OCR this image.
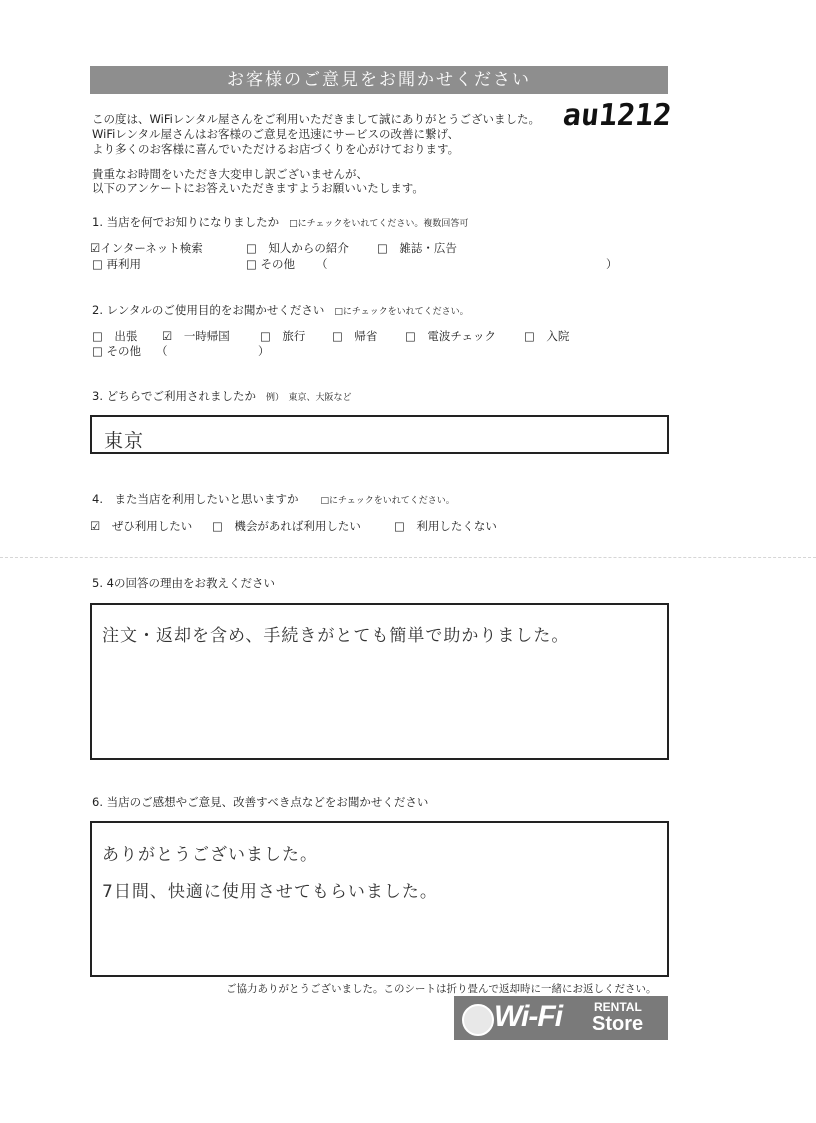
お客様のご意見をお聞かせください
au1212
この度は、WiFiレンタル屋さんをご利用いただきまして誠にありがとうございました。
WiFiレンタル屋さんはお客様のご意見を迅速にサービスの改善に繋げ、
より多くのお客様に喜んでいただけるお店づくりを心がけております。
貴重なお時間をいただき大変申し訳ございませんが、
以下のアンケートにお答えいただきますようお願いいたします。
1. 当店を何でお知りになりましたか □にチェックをいれてください。複数回答可
☑インターネット検索	□　 知人からの紹介 □　 雑誌・広告
□ 再利用	□ その他 （	）
2. レンタルのご使用目的をお聞かせください □にチェックをいれてください。
□　 出張 ☑　 一時帰国	□　 旅行 □　 帰省 □　 電波チェック □　 入院
□ その他 （	）
3. どちらでご利用されましたか 例）　東京、大阪など
東京
4.　また当店を利用したいと思いますか □にチェックをいれてください。
☑　 ぜひ利用したい □　 機会があれば利用したい	□　 利用したくない
5. 4の回答の理由をお教えください
注文・返却を含め、手続きがとても簡単で助かりました。
6. 当店のご感想やご意見、改善すべき点などをお聞かせください
ありがとうございました。
7日間、快適に使用させてもらいました。
ご協力ありがとうございました。このシートは折り畳んで返却時に一緒にお返しください。
Wi-Fi	RENTAL
Store
